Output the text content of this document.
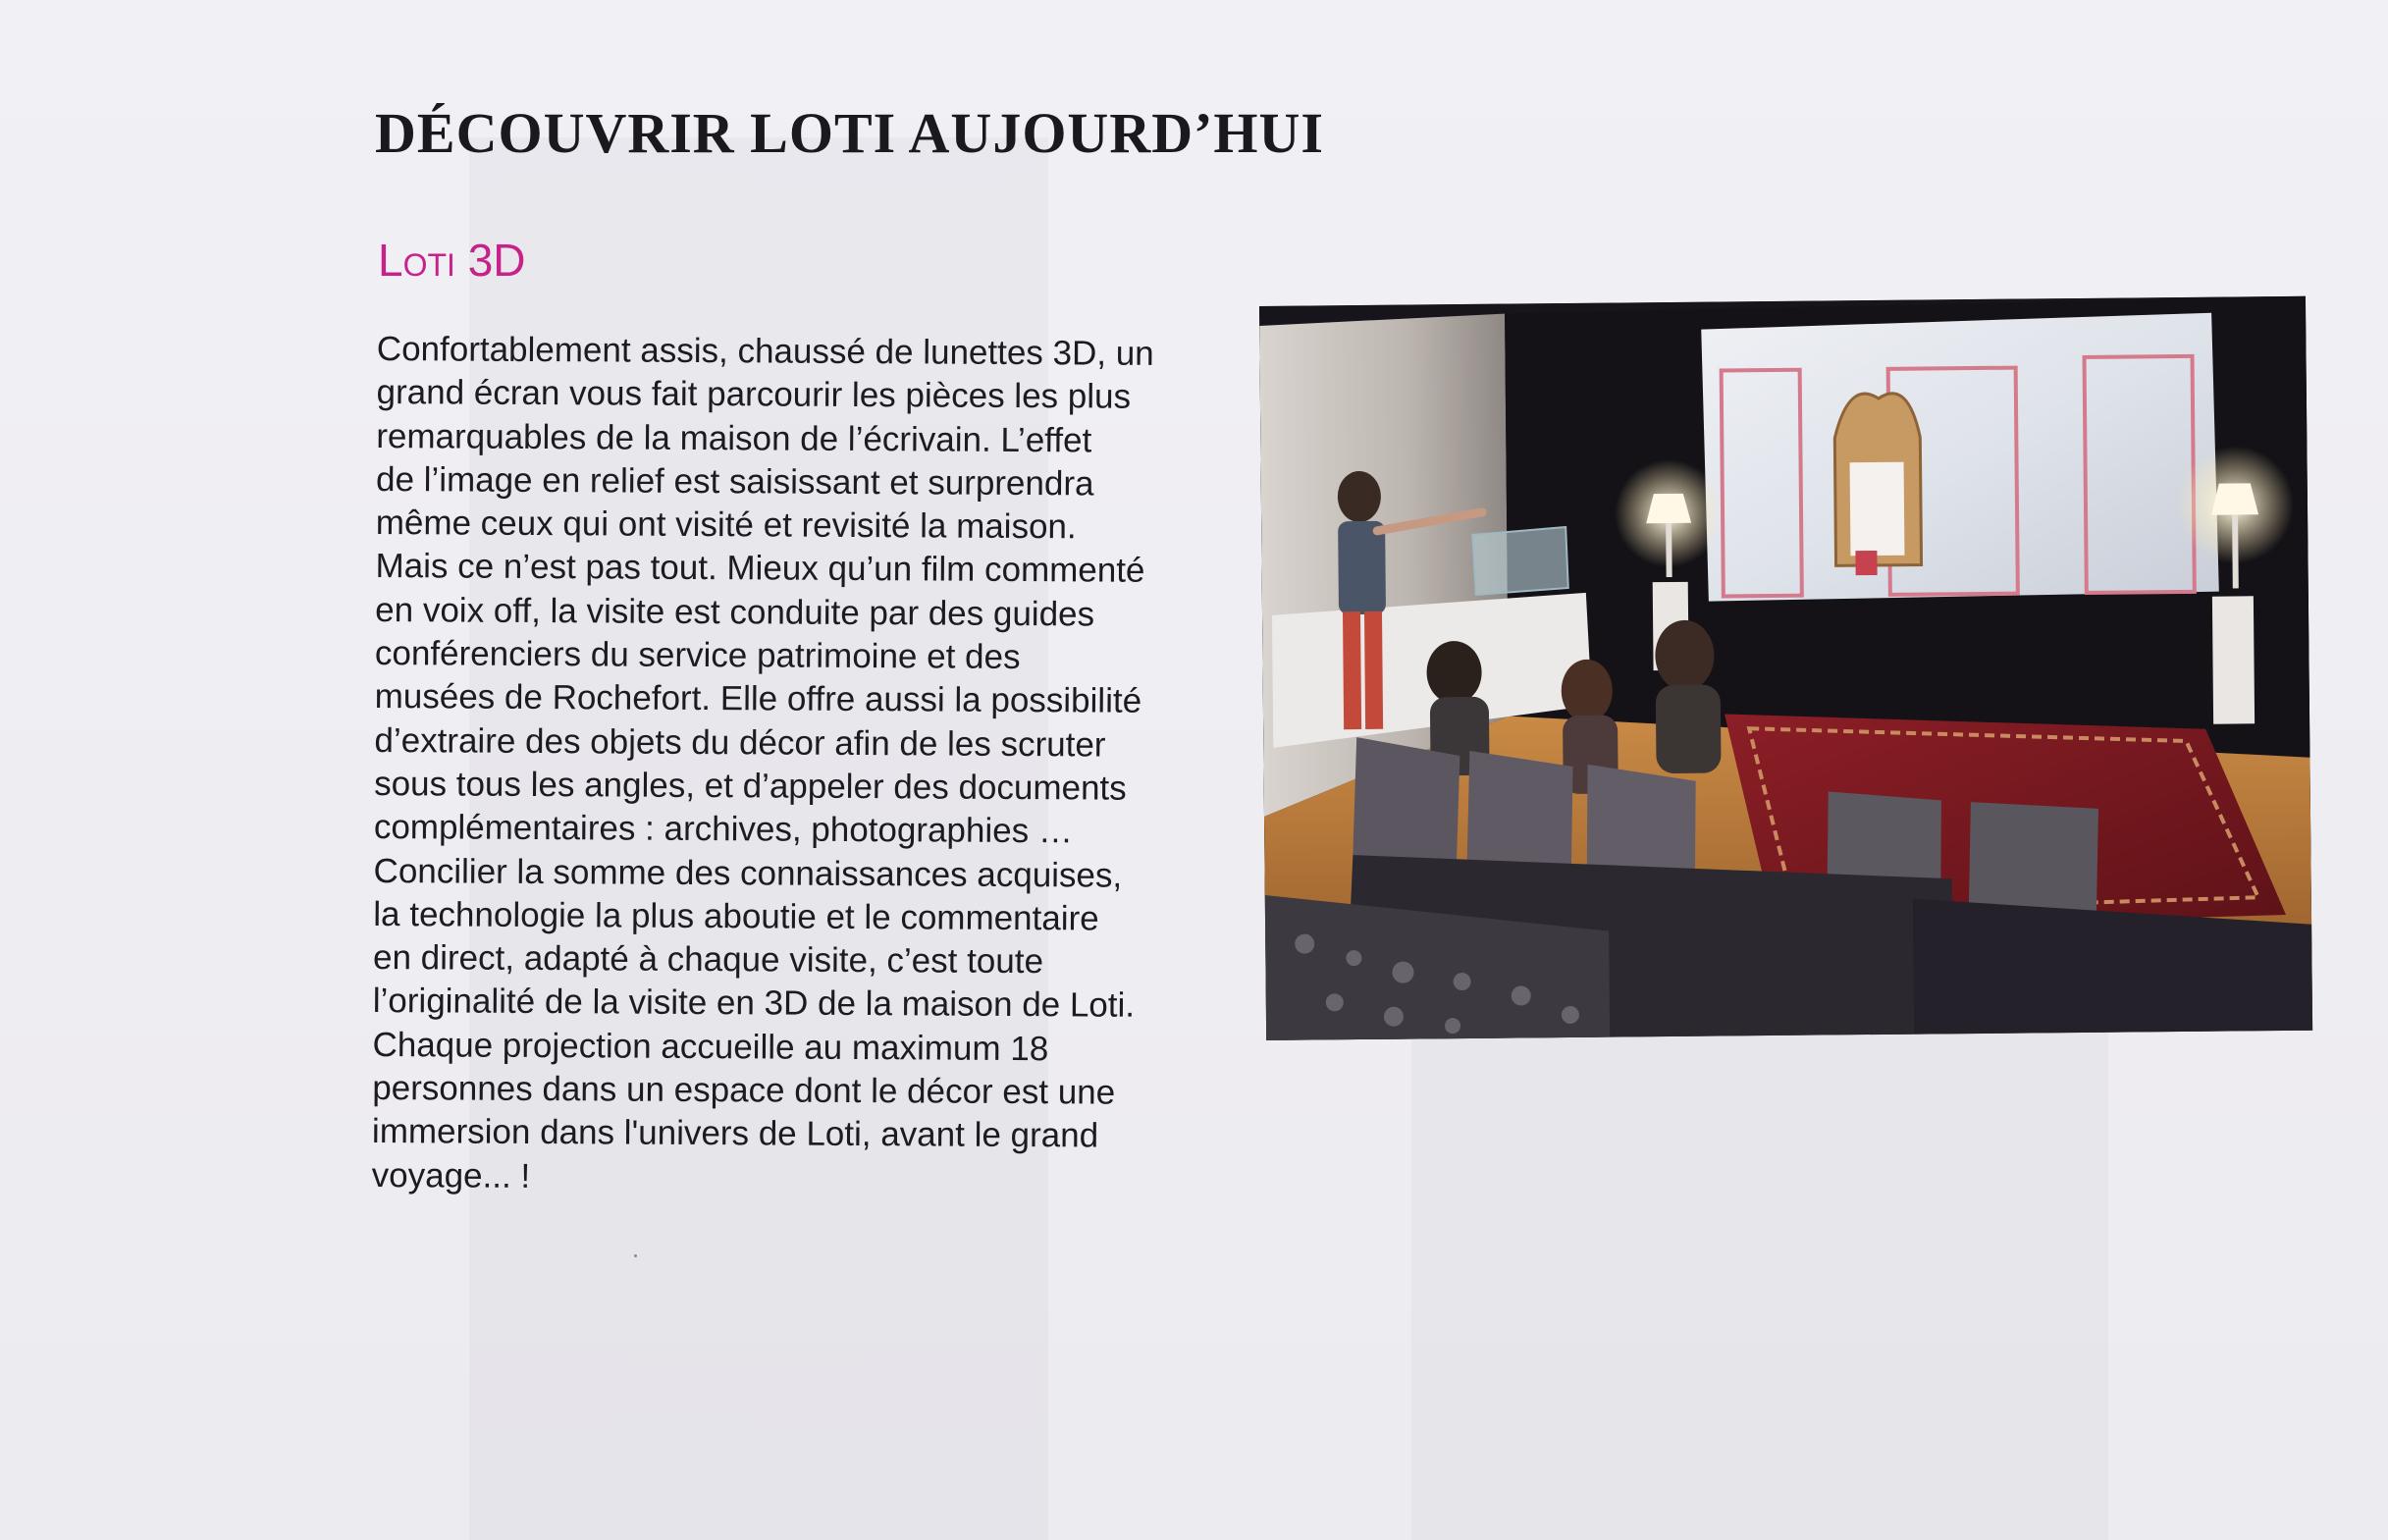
DÉCOUVRIR LOTI AUJOURD’HUI
Loti 3D
Confortablement assis, chaussé de lunettes 3D, un
grand écran vous fait parcourir les pièces les plus
remarquables de la maison de l’écrivain. L’effet
de l’image en relief est saisissant et surprendra
même ceux qui ont visité et revisité la maison.
Mais ce n’est pas tout. Mieux qu’un film commenté
en voix off, la visite est conduite par des guides
conférenciers du service patrimoine et des
musées de Rochefort. Elle offre aussi la possibilité
d’extraire des objets du décor afin de les scruter
sous tous les angles, et d’appeler des documents
complémentaires : archives, photographies …
Concilier la somme des connaissances acquises,
la technologie la plus aboutie et le commentaire
en direct, adapté à chaque visite, c’est toute
l’originalité de la visite en 3D de la maison de Loti.
Chaque projection accueille au maximum 18
personnes dans un espace dont le décor est une
immersion dans l'univers de Loti, avant le grand
voyage... !
